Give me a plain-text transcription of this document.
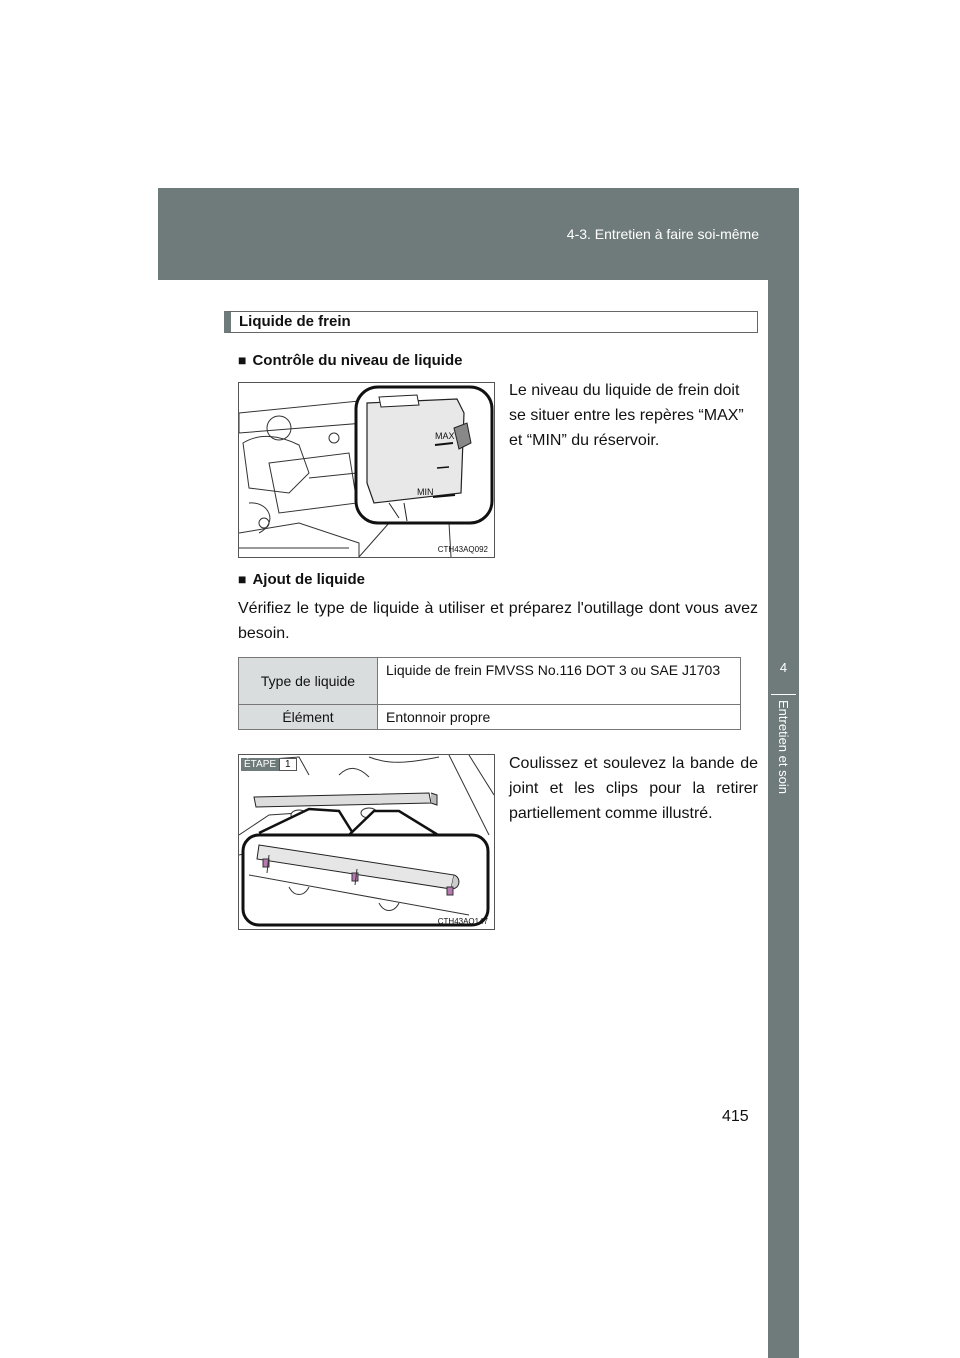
4-3. Entretien à faire soi-même
4
Entretien et soin
Liquide de frein
■ Contrôle du niveau de liquide
MAX
MIN
CTH43AQ092
Le niveau du liquide de frein doit se situer entre les repères “MAX” et “MIN” du réservoir.
■ Ajout de liquide
Vérifiez le type de liquide à utiliser et préparez l'outillage dont vous avez besoin.
Type de liquide	Liquide de frein FMVSS No.116 DOT 3 ou SAE J1703
Élément	Entonnoir propre
ÉTAPE 1
CTH43AQ147
Coulissez et soulevez la bande de joint et les clips pour la retirer partiellement comme illustré.
415
